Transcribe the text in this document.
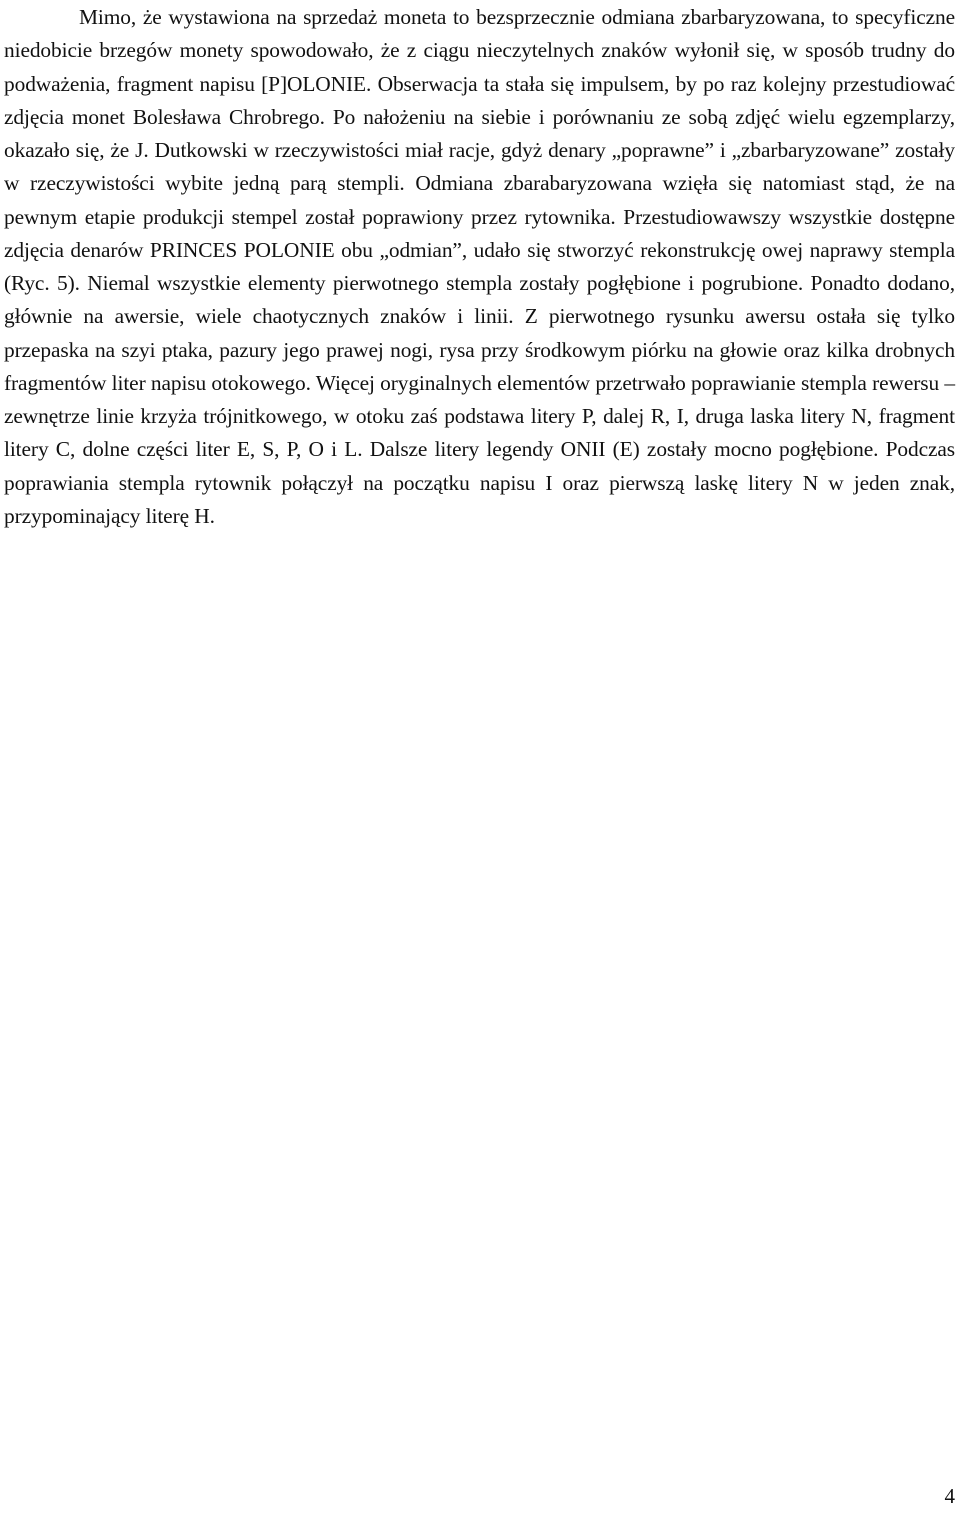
Mimo, że wystawiona na sprzedaż moneta to bezsprzecznie odmiana zbarbaryzowana, to specyficzne niedobicie brzegów monety spowodowało, że z ciągu nieczytelnych znaków wyłonił się, w sposób trudny do podważenia, fragment napisu [P]OLONIE. Obserwacja ta stała się impulsem, by po raz kolejny przestudiować zdjęcia monet Bolesława Chrobrego. Po nałożeniu na siebie i porównaniu ze sobą zdjęć wielu egzemplarzy, okazało się, że J. Dutkowski w rzeczywistości miał racje, gdyż denary „poprawne” i „zbarbaryzowane” zostały w rzeczywistości wybite jedną parą stempli. Odmiana zbarabaryzowana wzięła się natomiast stąd, że na pewnym etapie produkcji stempel został poprawiony przez rytownika. Przestudiowawszy wszystkie dostępne zdjęcia denarów PRINCES POLONIE obu „odmian”, udało się stworzyć rekonstrukcję owej naprawy stempla (Ryc. 5). Niemal wszystkie elementy pierwotnego stempla zostały pogłębione i pogrubione. Ponadto dodano, głównie na awersie, wiele chaotycznych znaków i linii. Z pierwotnego rysunku awersu ostała się tylko przepaska na szyi ptaka, pazury jego prawej nogi, rysa przy środkowym piórku na głowie oraz kilka drobnych fragmentów liter napisu otokowego. Więcej oryginalnych elementów przetrwało poprawianie stempla rewersu – zewnętrze linie krzyża trójnitkowego, w otoku zaś podstawa litery P, dalej R, I, druga laska litery N, fragment litery C, dolne części liter E, S, P, O i L. Dalsze litery legendy ONII (E) zostały mocno pogłębione. Podczas poprawiania stempla rytownik połączył na początku napisu I oraz pierwszą laskę litery N w jeden znak, przypominający literę H.

4
